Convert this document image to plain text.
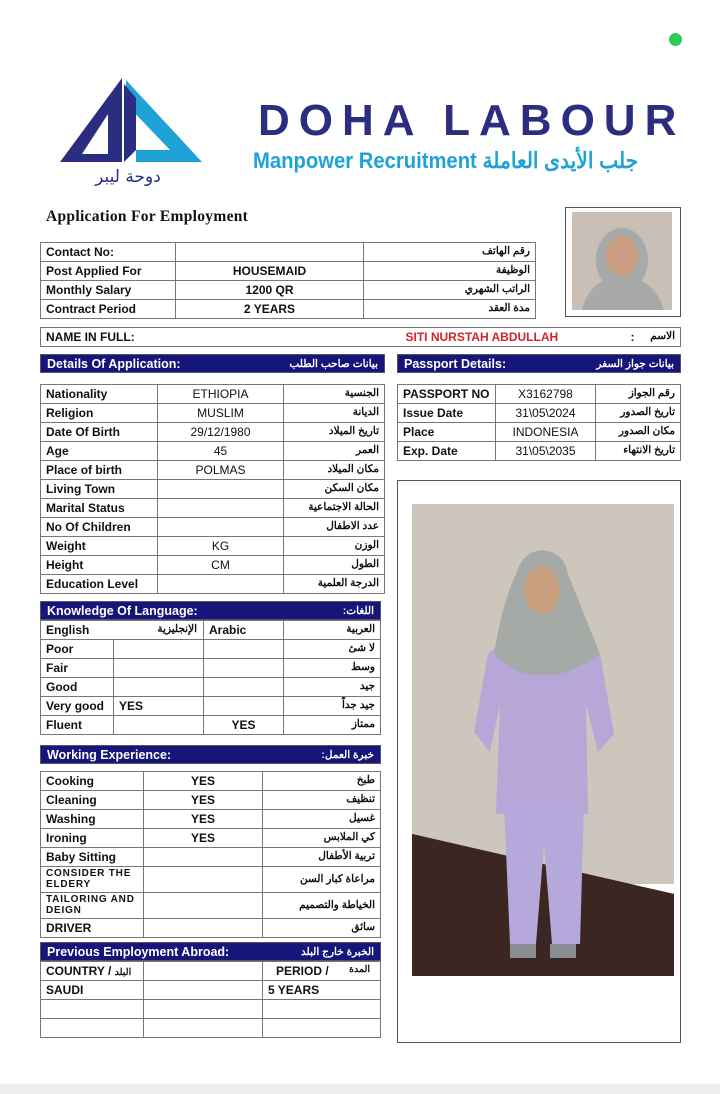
دوحة ليبر
DOHA LABOUR
Manpower Recruitment جلب الأيدى العاملة
Application For Employment
Contact No:		رقم الهاتف
Post Applied For	HOUSEMAID	الوظيفة
Monthly Salary	1200 QR	الراتب الشهري
Contract Period	2 YEARS	مدة العقد
NAME IN FULL:	SITI NURSTAH ABDULLAH	:	الاسم
Details Of Application:	بيانات صاحب الطلب Passport Details:	بيانات جواز السفر
Nationality	ETHIOPIA	الجنسية
Religion	MUSLIM	الديانة
Date Of Birth	29/12/1980	تاريخ الميلاد
Age	45	العمر
Place of birth	POLMAS	مكان الميلاد
Living Town		مكان السكن
Marital Status		الحالة الاجتماعية
No Of Children		عدد الاطفال
Weight	KG	الوزن
Height	CM	الطول
Education Level		الدرجة العلمية
PASSPORT NO	X3162798	رقم الجواز
Issue Date	31\05\2024	تاريخ الصدور
Place	INDONESIA	مكان الصدور
Exp. Date	31\05\2035	تاريخ الانتهاء
Knowledge Of Language:	اللغات:
English الإنجليزية		Arabic	العربية
Poor			لا شئ
Fair			وسط
Good			جيد
Very good	YES		جيد جداً
Fluent		YES	ممتاز
Working Experience:	خبرة العمل:
Cooking	YES	طبخ
Cleaning	YES	تنظيف
Washing	YES	غسيل
Ironing	YES	كي الملابس
Baby Sitting		تربية الأطفال
CONSIDER THE ELDERY		مراعاة كبار السن
TAILORING AND DEIGN		الخياطة والتصميم
DRIVER		سائق
Previous Employment Abroad:	الخبرة خارج البلد
COUNTRY / البلد		PERIOD / المدة

SAUDI		5 YEARS
